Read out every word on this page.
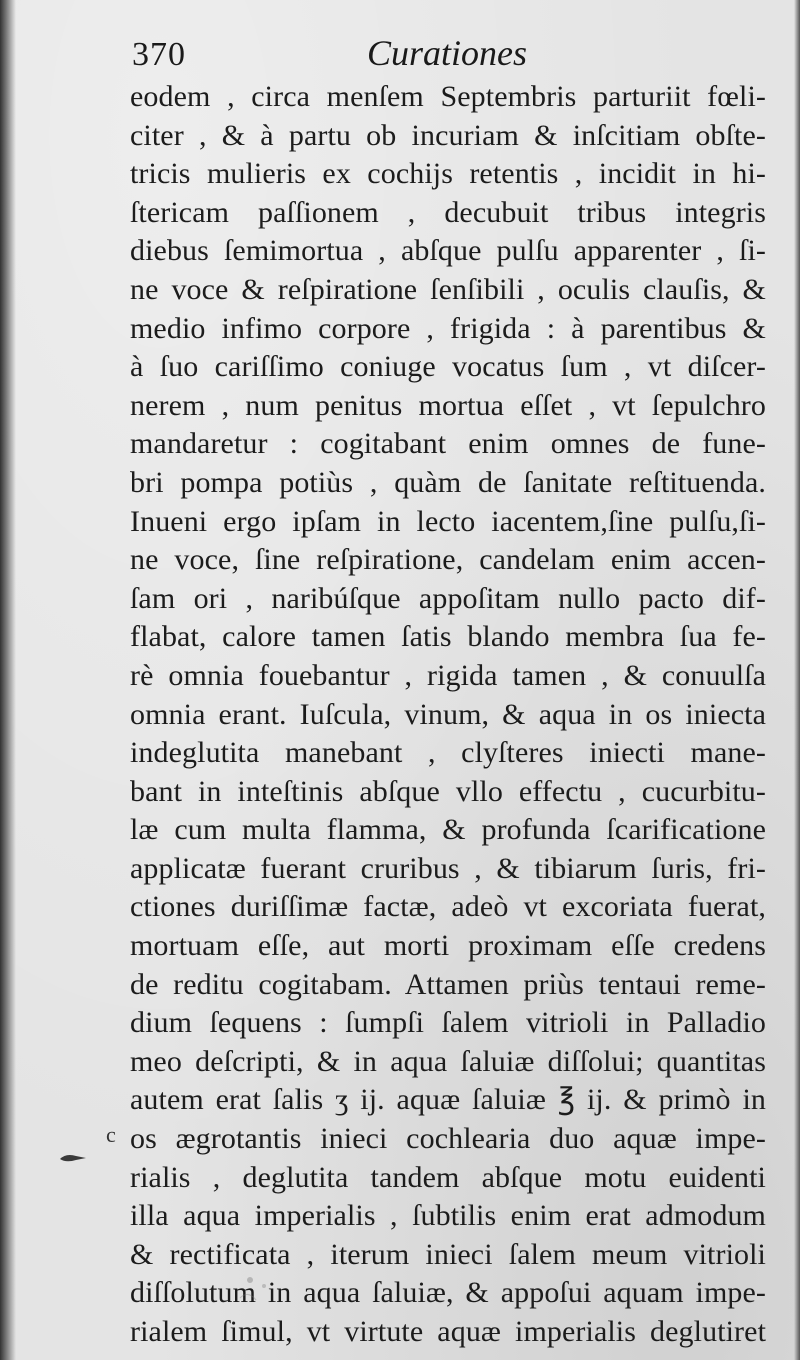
370	Curationes
eodem , circa menſem Septembris parturiit fœli-
citer , & à partu ob incuriam & inſcitiam obſte-
tricis mulieris ex cochijs retentis , incidit in hi-
ſtericam paſſionem , decubuit tribus integris
diebus ſemimortua , abſque pulſu apparenter , ſi-
ne voce & reſpiratione ſenſibili , oculis clauſis, &
medio infimo corpore , frigida : à parentibus &
à ſuo cariſſimo coniuge vocatus ſum , vt diſcer-
nerem , num penitus mortua eſſet , vt ſepulchro
mandaretur : cogitabant enim omnes de fune-
bri pompa potiùs , quàm de ſanitate reſtituenda.
Inueni ergo ipſam in lecto iacentem,ſine pulſu,ſi-
ne voce, ſine reſpiratione, candelam enim accen-
ſam ori , naribúſque appoſitam nullo pacto dif-
flabat, calore tamen ſatis blando membra ſua fe-
rè omnia fouebantur , rigida tamen , & conuulſa
omnia erant. Iuſcula, vinum, & aqua in os iniecta
indeglutita manebant , clyſteres iniecti mane-
bant in inteſtinis abſque vllo effectu , cucurbitu-
læ cum multa flamma, & profunda ſcarificatione
applicatæ fuerant cruribus , & tibiarum ſuris, fri-
ctiones duriſſimæ factæ, adeò vt excoriata fuerat,
mortuam eſſe, aut morti proximam eſſe credens
de reditu cogitabam. Attamen priùs tentaui reme-
dium ſequens : ſumpſi ſalem vitrioli in Palladio
meo deſcripti, & in aqua ſaluiæ diſſolui; quantitas
autem erat ſalis ʒ ij. aquæ ſaluiæ ℥ ij. & primò in
os ægrotantis inieci cochlearia duo aquæ impe-
rialis , deglutita tandem abſque motu euidenti
illa aqua imperialis , ſubtilis enim erat admodum
& rectificata , iterum inieci ſalem meum vitrioli
diſſolutum in aqua ſaluiæ, & appoſui aquam impe-
rialem ſimul, vt virtute aquæ imperialis deglutiret
c
